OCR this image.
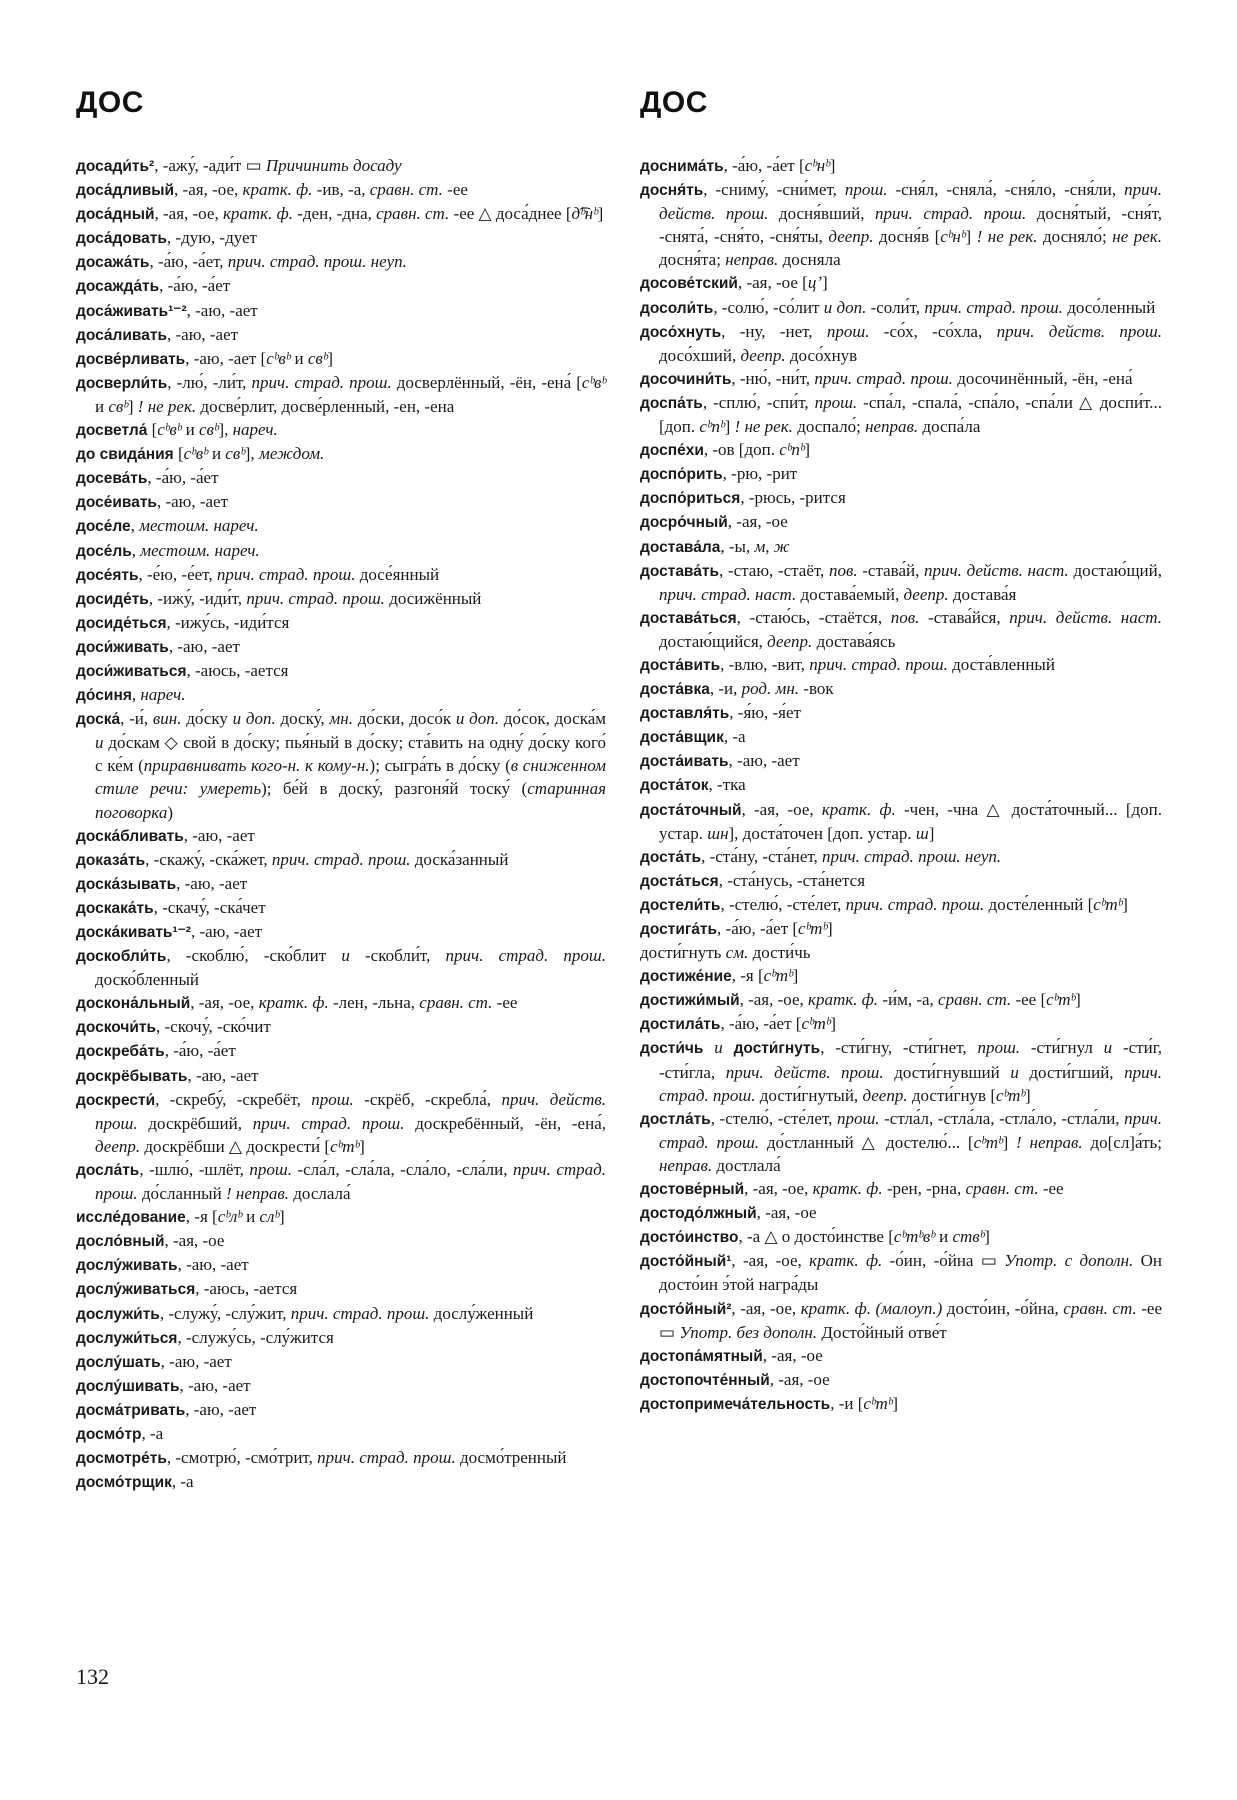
ДОС	ДОС

досади́ть², -ажу́, -ади́т ▭ Причинить досаду

доса́дливый, -ая, -ое, кратк. ф. -ив, -а, сравн. ст. -ее

доса́дный, -ая, -ое, кратк. ф. -ден, -дна, сравн. ст. -ее △ доса́днее [д͡ᵇнᵇ]

доса́довать, -дую, -дует

досажа́ть, -а́ю, -а́ет, прич. страд. прош. неуп.

досажда́ть, -а́ю, -а́ет

доса́живать¹⁻², -аю, -ает

доса́ливать, -аю, -ает

досве́рливать, -аю, -ает [сᵇвᵇ и свᵇ]

досверли́ть, -лю́, -ли́т, прич. страд. прош. досверлённый, -ён, -ена́ [сᵇвᵇ и свᵇ] ! не рек. досве́рлит, досве́рленный, -ен, -ена

досветла́ [сᵇвᵇ и свᵇ], нареч.

до свида́ния [сᵇвᵇ и свᵇ], междом.

досева́ть, -а́ю, -а́ет

досе́ивать, -аю, -ает

досе́ле, местоим. нареч.

досе́ль, местоим. нареч.

досе́ять, -е́ю, -е́ет, прич. страд. прош. досе́янный

досиде́ть, -ижу́, -иди́т, прич. страд. прош. досижённый

досиде́ться, -ижу́сь, -иди́тся

доси́живать, -аю, -ает

доси́живаться, -аюсь, -ается

до́синя, нареч.

доска́, -и́, вин. до́ску и доп. доску́, мн. до́ски, досо́к и доп. до́сок, доска́м и до́скам ◇ свой в до́ску; пья́ный в до́ску; ста́вить на одну́ до́ску кого́ с ке́м (приравнивать кого-н. к кому-н.); сыгра́ть в до́ску (в сниженном стиле речи: умереть); бе́й в доску́, разгоня́й тоску́ (старинная поговорка)

доска́бливать, -аю, -ает

доказа́ть, -скажу́, -ска́жет, прич. страд. прош. доска́занный

доска́зывать, -аю, -ает

доскака́ть, -скачу́, -ска́чет

доска́кивать¹⁻², -аю, -ает

доскобли́ть, -скоблю́, -ско́блит и -скобли́т, прич. страд. прош. доско́бленный

доскона́льный, -ая, -ое, кратк. ф. -лен, -льна, сравн. ст. -ее

доскочи́ть, -скочу́, -ско́чит

доскреба́ть, -а́ю, -а́ет

доскрёбывать, -аю, -ает

доскрести́, -скребу́, -скребёт, прош. -скрёб, -скребла́, прич. действ. прош. доскрёбший, прич. страд. прош. доскребённый, -ён, -ена́, деепр. доскрёбши △ доскрести́ [сᵇтᵇ]

досла́ть, -шлю́, -шлёт, прош. -сла́л, -сла́ла, -сла́ло, -сла́ли, прич. страд. прош. до́сланный ! неправ. дослала́

иссле́дование, -я [сᵇлᵇ и слᵇ]

досло́вный, -ая, -ое

дослу́живать, -аю, -ает

дослу́живаться, -аюсь, -ается

дослужи́ть, -служу́, -слу́жит, прич. страд. прош. дослу́женный

дослужи́ться, -служу́сь, -слу́жится

дослу́шать, -аю, -ает

дослу́шивать, -аю, -ает

досма́тривать, -аю, -ает

досмо́тр, -а

досмотре́ть, -смотрю́, -смо́трит, прич. страд. прош. досмо́тренный

досмо́трщик, -а

доснима́ть, -а́ю, -а́ет [сᵇнᵇ]

досня́ть, -сниму́, -сни́мет, прош. -сня́л, -сняла́, -сня́ло, -сня́ли, прич. действ. прош. досня́вший, прич. страд. прош. досня́тый, -сня́т, -снята́, -сня́то, -сня́ты, деепр. досня́в [сᵇнᵇ] ! не рек. досняло́; не рек. досня́та; неправ. досняла

досове́тский, -ая, -ое [цʼ]

досоли́ть, -солю́, -со́лит и доп. -соли́т, прич. страд. прош. досо́ленный

досо́хнуть, -ну, -нет, прош. -со́х, -со́хла, прич. действ. прош. досо́хший, деепр. досо́хнув

досочини́ть, -ню́, -ни́т, прич. страд. прош. досочинённый, -ён, -ена́

доспа́ть, -сплю́, -спи́т, прош. -спа́л, -спала́, -спа́ло, -спа́ли △ доспи́т... [доп. сᵇпᵇ] ! не рек. доспало́; неправ. доспа́ла

доспе́хи, -ов [доп. сᵇпᵇ]

доспо́рить, -рю, -рит

доспо́риться, -рюсь, -рится

досро́чный, -ая, -ое

достава́ла, -ы, м, ж

достава́ть, -стаю, -стаёт, пов. -става́й, прич. действ. наст. достаю́щий, прич. страд. наст. достава́емый, деепр. достава́я

достава́ться, -стаю́сь, -стаётся, пов. -става́йся, прич. действ. наст. достаю́щийся, деепр. достава́ясь

доста́вить, -влю, -вит, прич. страд. прош. доста́вленный

доста́вка, -и, род. мн. -вок

доставля́ть, -я́ю, -я́ет

доста́вщик, -а

доста́ивать, -аю, -ает

доста́ток, -тка

доста́точный, -ая, -ое, кратк. ф. -чен, -чна △ доста́точный... [доп. устар. шн], доста́точен [доп. устар. ш]

доста́ть, -ста́ну, -ста́нет, прич. страд. прош. неуп.

доста́ться, -ста́нусь, -ста́нется

достели́ть, -стелю́, -сте́лет, прич. страд. прош. досте́ленный [сᵇтᵇ]

достига́ть, -а́ю, -а́ет [сᵇтᵇ]

дости́гнуть см. дости́чь

достиже́ние, -я [сᵇтᵇ]

достижи́мый, -ая, -ое, кратк. ф. -и́м, -а, сравн. ст. -ее [сᵇтᵇ]

достила́ть, -а́ю, -а́ет [сᵇтᵇ]

дости́чь и дости́гнуть, -сти́гну, -сти́гнет, прош. -сти́гнул и -сти́г, -сти́гла, прич. действ. прош. дости́гнувший и дости́гший, прич. страд. прош. дости́гнутый, деепр. дости́гнув [сᵇтᵇ]

достла́ть, -стелю́, -сте́лет, прош. -стла́л, -стла́ла, -стла́ло, -стла́ли, прич. страд. прош. до́стланный △ достелю́... [сᵇтᵇ] ! неправ. до[сл]а́ть; неправ. достлала́

достове́рный, -ая, -ое, кратк. ф. -рен, -рна, сравн. ст. -ее

достодо́лжный, -ая, -ое

досто́инство, -а △ о досто́инстве [сᵇтᵇвᵇ и ствᵇ]

досто́йный¹, -ая, -ое, кратк. ф. -о́ин, -о́йна ▭ Употр. с дополн. Он досто́ин э́той награ́ды

досто́йный², -ая, -ое, кратк. ф. (малоуп.) досто́ин, -о́йна, сравн. ст. -ее ▭ Употр. без дополн. Досто́йный отве́т

достопа́мятный, -ая, -ое

достопочте́нный, -ая, -ое

достопримеча́тельность, -и [сᵇтᵇ]

132
